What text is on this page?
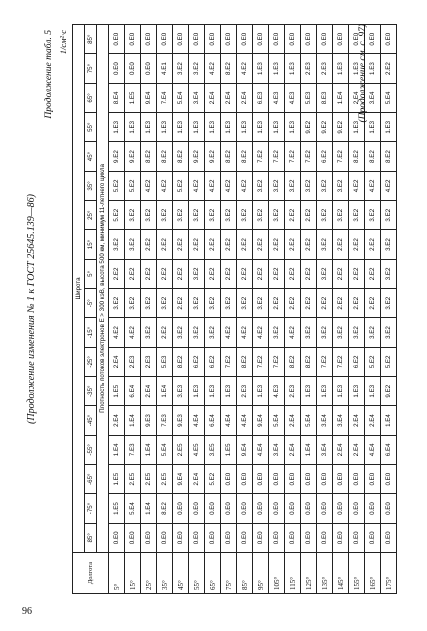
96
(Продолжение изменения № 1 к ГОСТ 25645.139—86)
Продолжение табл. 5 1/см²·с
Долгота	Широта																	
	85°	-75°	-65°	-55°	-45°	-35°	-25°	-15°	-5°	5°	15°	25°	35°	45°	55°	65°	75°	85°
	Плотность потоков электронов E > 300 кэВ, высота 500 км, минимум 11-летнего цикла																	
5°	0.E0	1.E5	1.E5	1.E4	2.E4	1.E5	2.E4	4.E2	3.E2	2.E2	3.E2	5.E2	5.E2	9.E2	1.E3	8.E4	0.E0	0.E0
15°	0.E0	5.E4	2.E5	7.E3	1.E4	6.E4	2.E3	4.E2	3.E2	2.E2	3.E2	3.E2	5.E2	9.E2	1.E3	1.E5	0.E0	0.E0
25°	0.E0	1.E4	2.E5	1.E4	9.E3	2.E4	2.E3	3.E2	3.E2	2.E2	2.E2	3.E2	4.E2	8.E2	1.E3	9.E4	0.E0	0.E0
35°	0.E0	8.E2	2.E5	5.E4	7.E3	1.E4	5.E3	2.E2	3.E2	2.E2	2.E2	3.E2	4.E2	8.E2	1.E3	7.E4	4.E1	0.E0
45°	0.E0	0.E0	9.E4	2.E5	9.E3	3.E3	8.E2	3.E2	2.E2	2.E2	2.E2	3.E2	5.E2	8.E2	1.E3	5.E4	3.E2	0.E0
55°	0.E0	0.E0	2.E4	4.E5	4.E4	1.E3	6.E2	3.E2	3.E2	3.E2	2.E2	3.E2	4.E2	9.E2	1.E3	3.E4	3.E2	0.E0
65°	0.E0	0.E0	5.E2	3.E5	6.E4	1.E3	6.E2	3.E2	3.E2	2.E2	2.E2	3.E2	4.E2	9.E2	1.E3	2.E4	4.E2	0.E0
75°	0.E0	0.E0	0.E0	1.E5	4.E4	1.E3	7.E2	4.E2	3.E2	2.E2	2.E2	3.E2	4.E2	8.E2	1.E3	2.E4	8.E2	0.E0
85°	0.E0	0.E0	0.E0	9.E4	4.E4	2.E3	8.E2	4.E2	3.E2	2.E2	2.E2	3.E2	4.E2	8.E2	1.E3	2.E4	4.E2	0.E0
95°	0.E0	0.E0	0.E0	4.E4	9.E4	1.E3	7.E2	4.E2	3.E2	2.E2	2.E2	3.E2	3.E2	7.E2	1.E3	6.E3	1.E3	0.E0
105°	0.E0	0.E0	0.E0	3.E4	5.E4	4.E3	7.E2	3.E2	2.E2	2.E2	2.E2	3.E2	3.E2	7.E2	1.E3	4.E3	1.E3	0.E0
115°	0.E0	0.E0	0.E0	2.E4	2.E4	2.E3	8.E2	4.E2	2.E2	2.E2	2.E2	2.E2	3.E2	7.E2	1.E3	4.E3	1.E3	0.E0
125°	0.E0	0.E0	0.E0	1.E4	5.E4	1.E3	8.E2	3.E2	2.E2	2.E2	2.E2	2.E2	3.E2	7.E2	9.E2	5.E3	2.E3	0.E0
135°	0.E0	0.E0	0.E0	3.E4	3.E4	1.E3	7.E2	3.E2	2.E2	3.E2	3.E2	3.E2	3.E2	6.E2	9.E2	8.E3	2.E3	0.E0
145°	0.E0	0.E0	0.E0	2.E4	3.E4	1.E3	7.E2	3.E2	2.E2	2.E2	2.E2	3.E2	3.E2	7.E2	9.E2	1.E4	1.E3	0.E0
155°	0.E0	0.E0	0.E0	2.E4	2.E4	1.E3	6.E2	3.E2	2.E2	2.E2	2.E2	3.E2	4.E2	8.E2	1.E3	2.E4	1.E3	0.E0
165°	0.E0	0.E0	0.E0	4.E4	2.E4	1.E3	5.E2	3.E2	2.E2	2.E2	2.E2	3.E2	4.E2	8.E2	1.E3	3.E4	1.E3	0.E0
175°	0.E0	0.E0	0.E0	6.E4	1.E4	9.E2	5.E2	3.E2	3.E2	3.E2	3.E2	3.E2	4.E2	8.E2	1.E3	5.E4	2.E2	0.E0
(Продолжение см. с. 97)
